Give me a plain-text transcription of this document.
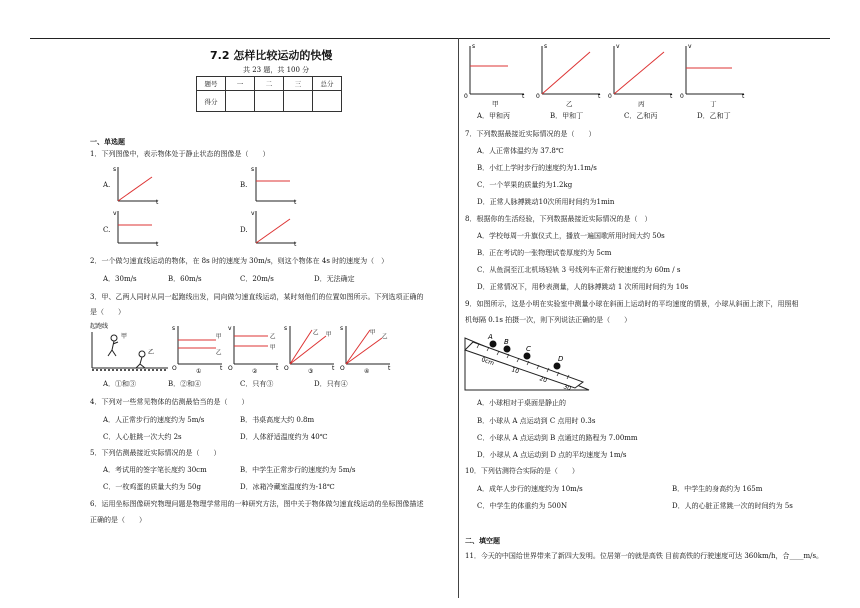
7.2 怎样比较运动的快慢
共 23 题，共 100 分
题号	一	二	三	总分
得分				
一、单选题
1．下列图像中，表示物体处于静止状态的图像是（　　）
A.	B.
C.	D.
s
t
s
t
v
t
v
t
2．一个做匀速直线运动的物体，在 8s 时的速度为 30m/s，则这个物体在 4s 时的速度为（　）
A．30m/s	B．60m/s	C．20m/s	D．无法确定
3．甲、乙两人同时从同一起跑线出发，同向做匀速直线运动，某时刻他们的位置如图所示。下列选项正确的
是（　　）
起跑线
甲
乙
甲
乙
s
O	t
①
乙
甲
v
O	t
②
乙 甲
s
O	t
③
甲
乙
s
O	t
④
A．①和③	B．②和④	C．只有③	D．只有④
4．下列对一些常见物体的估测最恰当的是（　　）
A．人正常步行的速度约为 5m/s	B．书桌高度大约 0.8m
C．人心脏跳一次大约 2s	D．人体舒适温度约为 40℃
5．下列估测最接近实际情况的是（　　）
A．考试用的签字笔长度约 30cm	B．中学生正常步行的速度约为 5m/s
C．一枚鸡蛋的质量大约为 50g	D．冰箱冷藏室温度约为-18℃
6．运用坐标图像研究物理问题是物理学常用的一种研究方法，图中关于物体做匀速直线运动的坐标图像描述
正确的是（　　）
s
0	t
甲
s
0	t
乙
v
0	t
丙
v
0	t
丁
A．甲和丙	B．甲和丁	C．乙和丙	D．乙和丁
7．下列数据最接近实际情况的是（　　）
A．人正常体温约为 37.8℃
B．小红上学时步行的速度约为1.1m/s
C．一个苹果的质量约为1.2kg
D．正常人脉搏跳动10次所用时间约为1min
8．根据你的生活经验，下列数据最接近实际情况的是（　）
A．学校每周一升旗仪式上，播放一遍国歌所用时间大约 50s
B．正在考试的一张物理试卷厚度约为 5cm
C．从鱼洞至江北机场轻轨 3 号线列车正常行驶速度约为 60m / s
D．正常情况下，用秒表测量，人的脉搏跳动 1 次所用时间约为 10s
9．如图所示，这是小明在实验室中测量小球在斜面上运动时的平均速度的情景，小球从斜面上滚下，用照相
机每隔 0.1s 拍摄一次，则下列说法正确的是（　　）
A
B
C
D
0cm
10
20
30
A．小球相对于桌面是静止的
B．小球从 A 点运动到 C 点用时 0.3s
C．小球从 A 点运动到 B 点通过的路程为 7.00mm
D．小球从 A 点运动到 D 点的平均速度为 1m/s
10．下列估测符合实际的是（　　）
A．成年人步行的速度约为 10m/s	B．中学生的身高约为 165m
C．中学生的体重约为 500N	D．人的心脏正常跳一次的时间约为 5s
二、填空题
11．今天的中国给世界带来了新四大发明。位居第一的就是高铁 目前高铁的行驶速度可达 360km/h，合____m/s。
